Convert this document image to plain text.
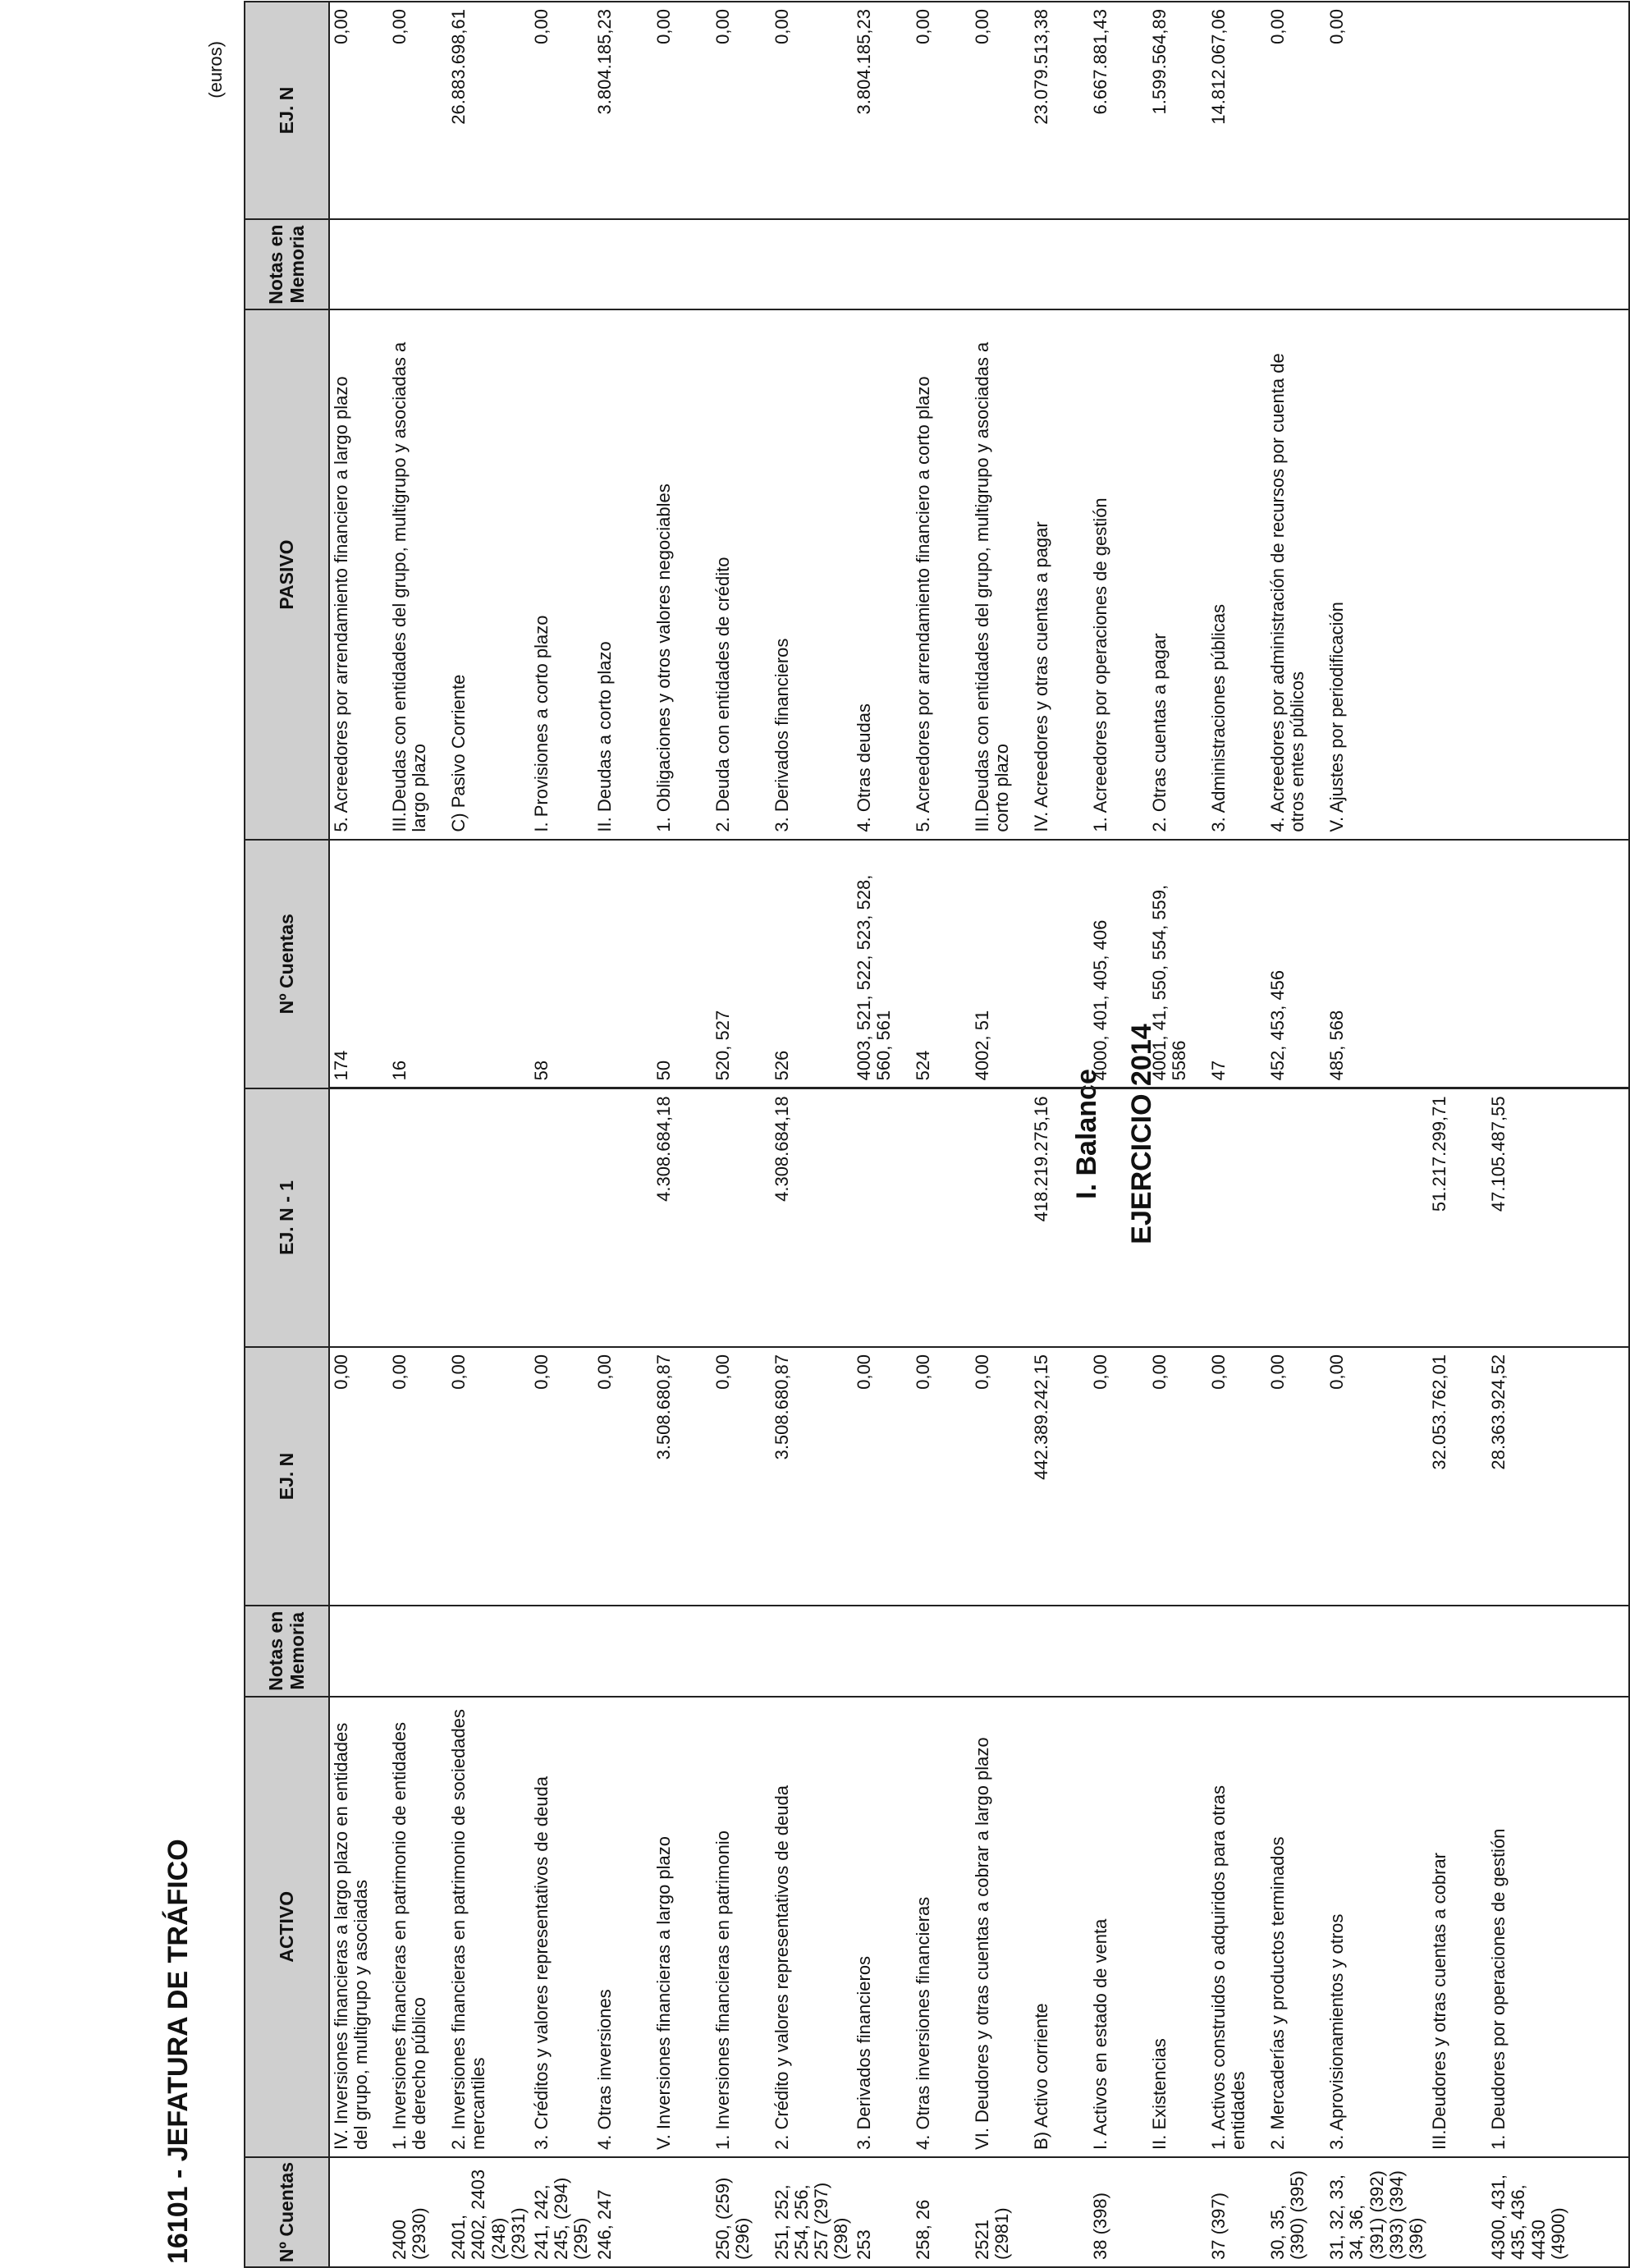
I. Balance EJERCICIO 2014
16101 - JEFATURA DE TRÁFICO
(euros)
Nº Cuentas	ACTIVO	Notas en Memoria	EJ. N	EJ. N - 1	Nº Cuentas	PASIVO	Notas en Memoria	EJ. N	
	IV. Inversiones financieras a largo plazo en entidades del grupo, multigrupo y asociadas		0,00		174	5. Acreedores por arrendamiento financiero a largo plazo		0,00	
2400 (2930)	1. Inversiones financieras en patrimonio de entidades de derecho público		0,00		16	III.Deudas con entidades del grupo, multigrupo y asociadas a largo plazo		0,00	
2401, 2402, 2403 (248) (2931)	2. Inversiones financieras en patrimonio de sociedades mercantiles		0,00			C) Pasivo Corriente		26.883.698,61	
241, 242, 245, (294) (295)	3. Créditos y valores representativos de deuda		0,00		58	I. Provisiones a corto plazo		0,00	
246, 247	4. Otras inversiones		0,00			II. Deudas a corto plazo		3.804.185,23	
	V. Inversiones financieras a largo plazo		3.508.680,87	4.308.684,18	50	1. Obligaciones y otros valores negociables		0,00	
250, (259) (296)	1. Inversiones financieras en patrimonio		0,00		520, 527	2. Deuda con entidades de crédito		0,00	
251, 252, 254, 256, 257 (297) (298)	2. Crédito y valores representativos de deuda		3.508.680,87	4.308.684,18	526	3. Derivados financieros		0,00	
253	3. Derivados financieros		0,00		4003, 521, 522, 523, 528, 560, 561	4. Otras deudas		3.804.185,23	
258, 26	4. Otras inversiones financieras		0,00		524	5. Acreedores por arrendamiento financiero a corto plazo		0,00	
2521 (2981)	VI. Deudores y otras cuentas a cobrar a largo plazo		0,00		4002, 51	III.Deudas con entidades del grupo, multigrupo y asociadas a corto plazo		0,00	
	B) Activo corriente		442.389.242,15	418.219.275,16		IV. Acreedores y otras cuentas a pagar		23.079.513,38	
38 (398)	I. Activos en estado de venta		0,00		4000, 401, 405, 406	1. Acreedores por operaciones de gestión		6.667.881,43	
	II. Existencias		0,00		4001, 41, 550, 554, 559, 5586	2. Otras cuentas a pagar		1.599.564,89	
37 (397)	1. Activos construidos o adquiridos para otras entidades		0,00		47	3. Administraciones públicas		14.812.067,06	
30, 35, (390) (395)	2. Mercaderías y productos terminados		0,00		452, 453, 456	4. Acreedores por administración de recursos por cuenta de otros entes públicos		0,00	
31, 32, 33, 34, 36, (391) (392) (393) (394) (396)	3. Aprovisionamientos y otros		0,00		485, 568	V. Ajustes por periodificación		0,00	
	III.Deudores y otras cuentas a cobrar		32.053.762,01	51.217.299,71					
4300, 431, 435, 436, 4430 (4900)	1. Deudores por operaciones de gestión		28.363.924,52	47.105.487,55					
